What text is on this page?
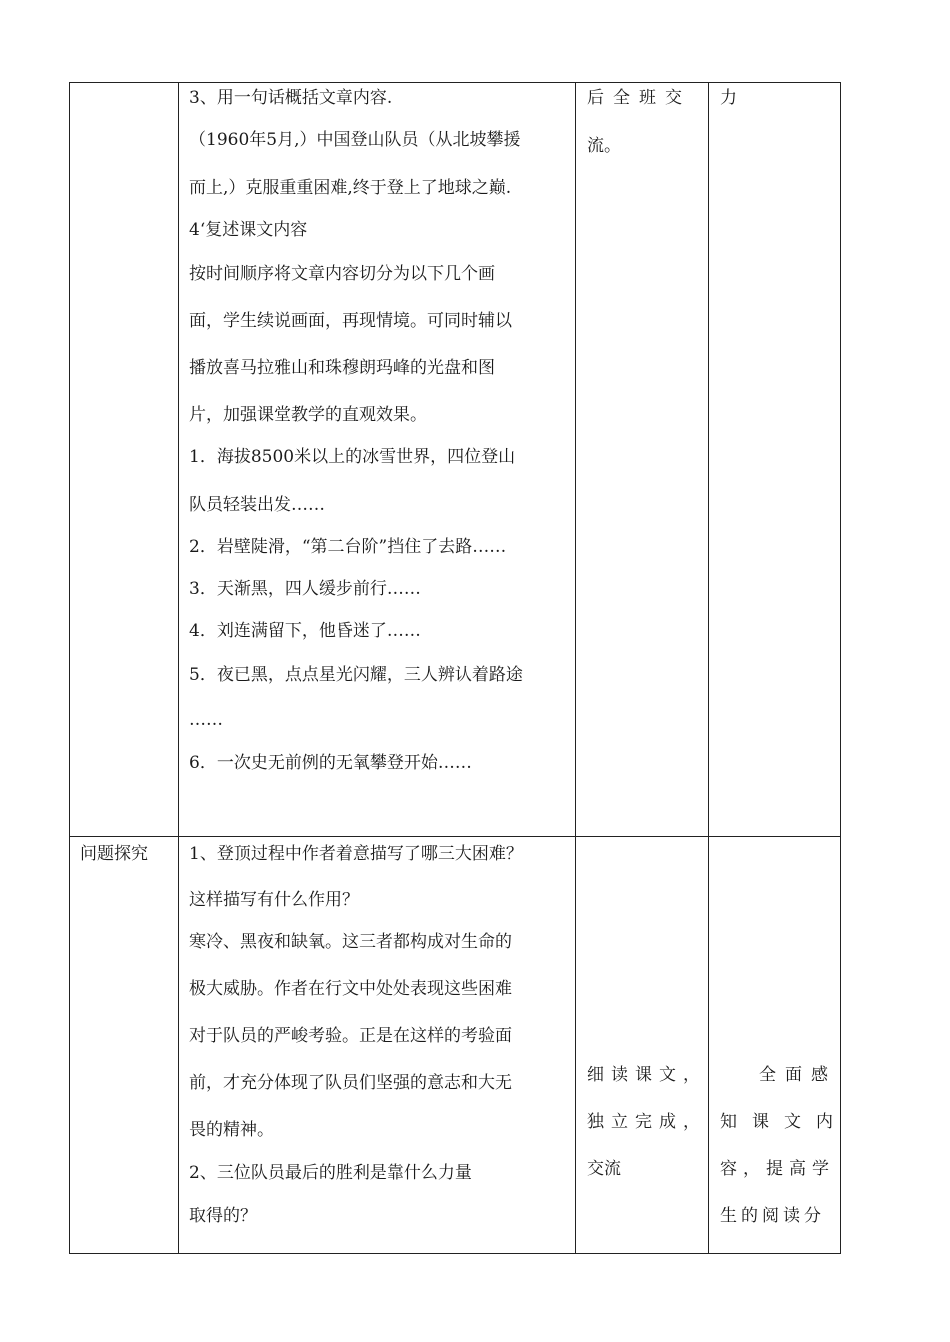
3、用一句话概括文章内容.
（1960年5月,）中国登山队员（从北坡攀援
而上,）克服重重困难,终于登上了地球之巅.
4‘复述课文内容
按时间顺序将文章内容切分为以下几个画
面，学生续说画面，再现情境。可同时辅以
播放喜马拉雅山和珠穆朗玛峰的光盘和图
片，加强课堂教学的直观效果。
1．海拔8500米以上的冰雪世界，四位登山
队员轻装出发……
2．岩壁陡滑，“第二台阶”挡住了去路……
3．天渐黑，四人缓步前行……
4．刘连满留下，他昏迷了……
5．夜已黑，点点星光闪耀，三人辨认着路途
……
6．一次史无前例的无氧攀登开始……
后全班交
流。
力
问题探究 1、登顶过程中作者着意描写了哪三大困难？
这样描写有什么作用？
寒冷、黑夜和缺氧。这三者都构成对生命的
极大威胁。作者在行文中处处表现这些困难
对于队员的严峻考验。正是在这样的考验面
前，才充分体现了队员们坚强的意志和大无
畏的精神。
2、三位队员最后的胜利是靠什么力量
取得的？
细读课文，
独立完成，
交流
全面感
知课文内
容，提高学
生的阅读分
